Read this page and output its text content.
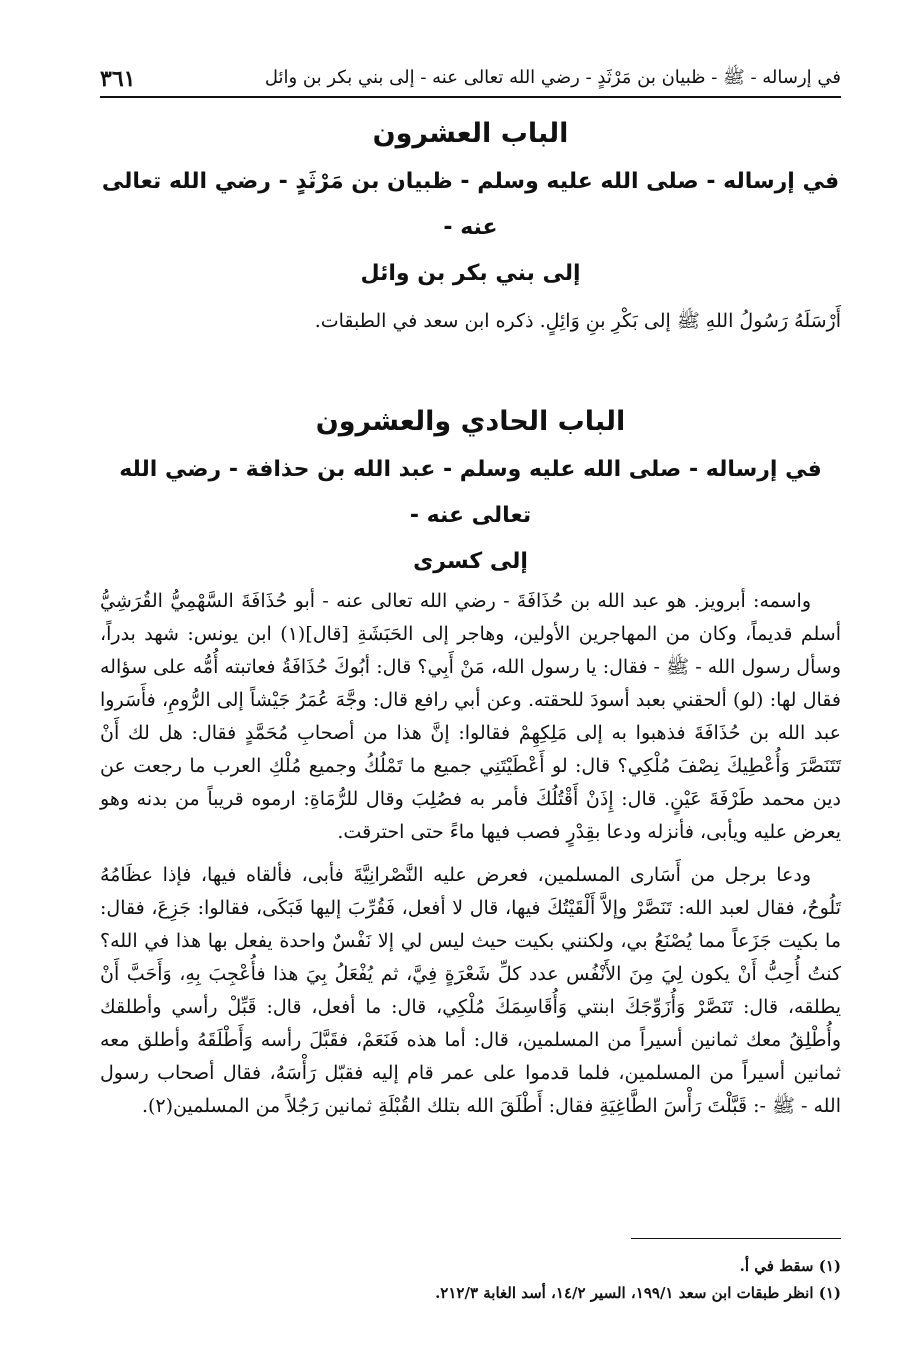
في إرساله - ﷺ - ظبيان بن مَرْثَدٍ - رضي الله تعالى عنه - إلى بني بكر بن وائل
٣٦١
الباب العشرون

في إرساله - صلى الله عليه وسلم - ظبيان بن مَرْثَدٍ - رضي الله تعالى عنه -

إلى بني بكر بن وائل

أَرْسَلَهُ رَسُولُ اللهِ ﷺ إلى بَكْرِ بنِ وَائِلٍ. ذكره ابن سعد في الطبقات.

الباب الحادي والعشرون

في إرساله - صلى الله عليه وسلم - عبد الله بن حذافة - رضي الله تعالى عنه -

إلى كسرى

واسمه: أبرويز. هو عبد الله بن حُذَافَةَ - رضي الله تعالى عنه - أبو حُذَافَةَ السَّهْمِيُّ القُرَشِيُّ أسلم قديماً، وكان من المهاجرين الأولين، وهاجر إلى الحَبَشَةِ [قال](١) ابن يونس: شهد بدراً، وسأل رسول الله - ﷺ - فقال: يا رسول الله، مَنْ أَبِي؟ قال: أبُوكَ حُذَافَةُ فعاتبته أُمُّه على سؤاله فقال لها: (لو) ألحقني بعبد أسودَ للحقته. وعن أبي رافع قال: وجَّهَ عُمَرُ جَيْشاً إلى الرُّومِ، فأَسَروا عبد الله بن حُذَافَةَ فذهبوا به إلى مَلِكِهِمْ فقالوا: إنَّ هذا من أصحابِ مُحَمَّدٍ فقال: هل لك أَنْ تَتَنَصَّرَ وَأُعْطِيكَ نِصْفَ مُلْكِي؟ قال: لو أَعْطَيْتَنِي جميع ما تَمْلُكُ وجميع مُلْكِ العرب ما رجعت عن دين محمد طَرْفَةَ عَيْنٍ. قال: إِذَنْ أَقْتُلُكَ فأمر به فصُلِبَ وقال للرُّمَاةِ: ارموه قريباً من بدنه وهو يعرض عليه ويأبى، فأنزله ودعا بقِدْرٍ فصب فيها ماءً حتى احترقت.

ودعا برجل من أَسَارى المسلمين، فعرض عليه النَّصْرانِيَّةَ فأبى، فألقاه فيها، فإذا عظَامُهُ تَلُوحُ، فقال لعبد الله: تَنَصَّرْ وإلاَّ أَلْقَيْتُكَ فيها، قال لا أفعل، فَقُرِّبَ إليها فَبَكَى، فقالوا: جَزِعَ، فقال: ما بكيت جَزَعاً مما يُصْنَعُ بي، ولكنني بكيت حيث ليس لي إلا نَفْسٌ واحدة يفعل بها هذا في الله؟ كنتُ أُحِبُّ أَنْ يكون لِيَ مِنَ الأَنْفُس عدد كلِّ شَعْرَةٍ فِيَّ، ثم يُفْعَلُ بِيَ هذا فأُعْجِبَ بِهِ، وَأَحَبَّ أَنْ يطلقه، قال: تَنَصَّرْ وَأُزَوِّجَكَ ابنتي وَأُقَاسِمَكَ مُلْكِي، قال: ما أفعل، قال: قَبِّلْ رأسي وأطلقك وأُطْلِقُ معك ثمانين أسيراً من المسلمين، قال: أما هذه فَنَعَمْ، فقَبَّلَ رأسه وَأَطْلَقَهُ وأطلق معه ثمانين أسيراً من المسلمين، فلما قدموا على عمر قام إليه فقبّل رَأْسَهُ، فقال أصحاب رسول الله - ﷺ -: قَبَّلْتَ رَأْسَ الطَّاغِيَةِ فقال: أَطْلَقَ الله بتلك القُبْلَةِ ثمانين رَجُلاً من المسلمين(٢).

(١) سقط في أ.

(١) انظر طبقات ابن سعد ١٩٩/١، السير ١٤/٢، أسد الغابة ٢١٢/٣.
